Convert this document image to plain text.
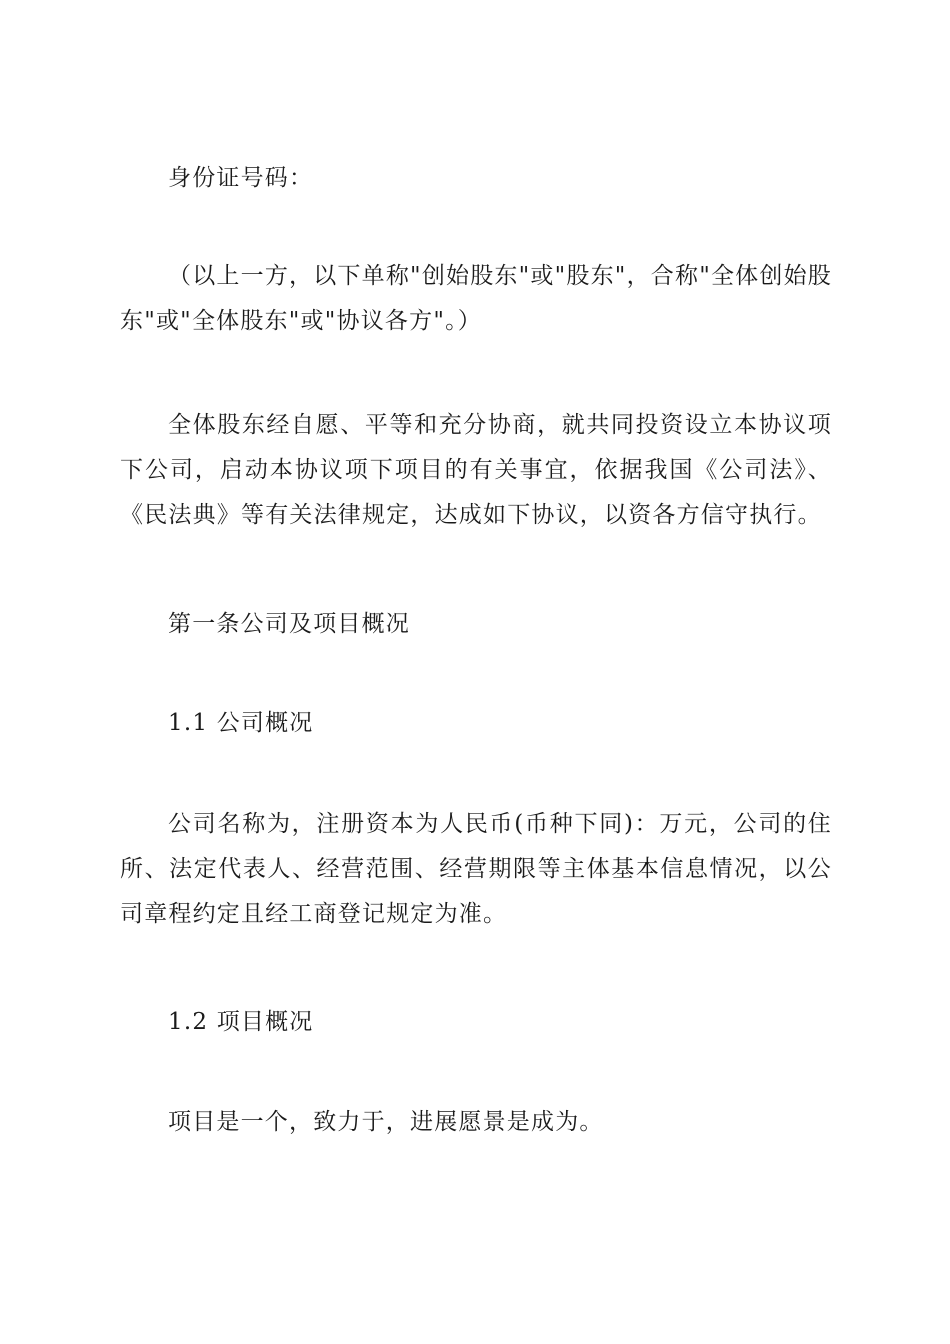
身份证号码：

（以上一方，以下单称"创始股东"或"股东"，合称"全体创始股东"或"全体股东"或"协议各方"。）

全体股东经自愿、平等和充分协商，就共同投资设立本协议项下公司，启动本协议项下项目的有关事宜，依据我国《公司法》、《民法典》等有关法律规定，达成如下协议，以资各方信守执行。

第一条公司及项目概况

1.1 公司概况

公司名称为，注册资本为人民币(币种下同)：万元，公司的住所、法定代表人、经营范围、经营期限等主体基本信息情况，以公司章程约定且经工商登记规定为准。

1.2 项目概况

项目是一个，致力于，进展愿景是成为。
